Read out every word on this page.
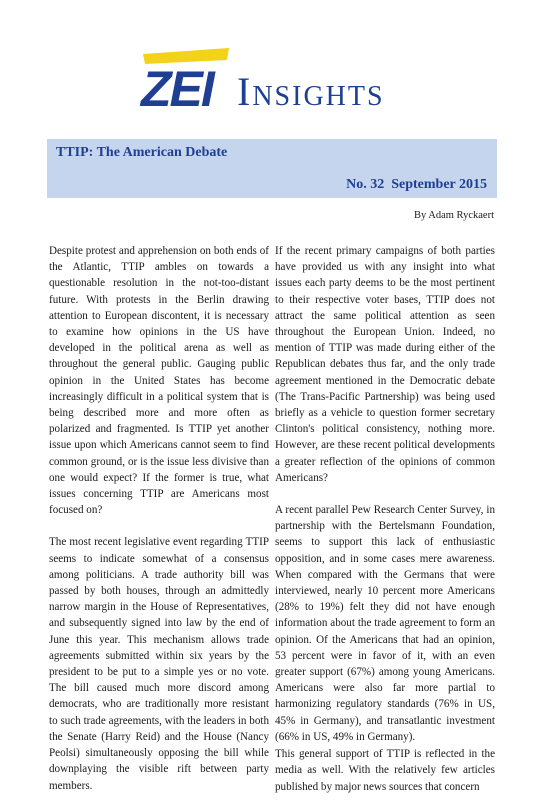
ZEI Insights
TTIP: The American Debate
No. 32  September 2015
By Adam Ryckaert

Despite protest and apprehension on both ends of the Atlantic, TTIP ambles on towards a questionable resolution in the not-too-distant future. With protests in the Berlin drawing attention to European discontent, it is necessary to examine how opinions in the US have developed in the political arena as well as throughout the general public. Gauging public opinion in the United States has become increasingly difficult in a political system that is being described more and more often as polarized and fragmented. Is TTIP yet another issue upon which Americans cannot seem to find common ground, or is the issue less divisive than one would expect? If the former is true, what issues concerning TTIP are Americans most focused on?

The most recent legislative event regarding TTIP seems to indicate somewhat of a consensus among politicians. A trade authority bill was passed by both houses, through an admittedly narrow margin in the House of Representatives, and subsequently signed into law by the end of June this year. This mechanism allows trade agreements submitted within six years by the president to be put to a simple yes or no vote. The bill caused much more discord among democrats, who are traditionally more resistant to such trade agreements, with the leaders in both the Senate (Harry Reid) and the House (Nancy Peolsi) simultaneously opposing the bill while downplaying the visible rift between party members.

If the recent primary campaigns of both parties have provided us with any insight into what issues each party deems to be the most pertinent to their respective voter bases, TTIP does not attract the same political attention as seen throughout the European Union. Indeed, no mention of TTIP was made during either of the Republican debates thus far, and the only trade agreement mentioned in the Democratic debate (The Trans-Pacific Partnership) was being used briefly as a vehicle to question former secretary Clinton's political consistency, nothing more. However, are these recent political developments a greater reflection of the opinions of common Americans?

A recent parallel Pew Research Center Survey, in partnership with the Bertelsmann Foundation, seems to support this lack of enthusiastic opposition, and in some cases mere awareness. When compared with the Germans that were interviewed, nearly 10 percent more Americans (28% to 19%) felt they did not have enough information about the trade agreement to form an opinion. Of the Americans that had an opinion, 53 percent were in favor of it, with an even greater support (67%) among young Americans. Americans were also far more partial to harmonizing regulatory standards (76% in US, 45% in Germany), and transatlantic investment (66% in US, 49% in Germany).

This general support of TTIP is reflected in the media as well. With the relatively few articles published by major news sources that concern
